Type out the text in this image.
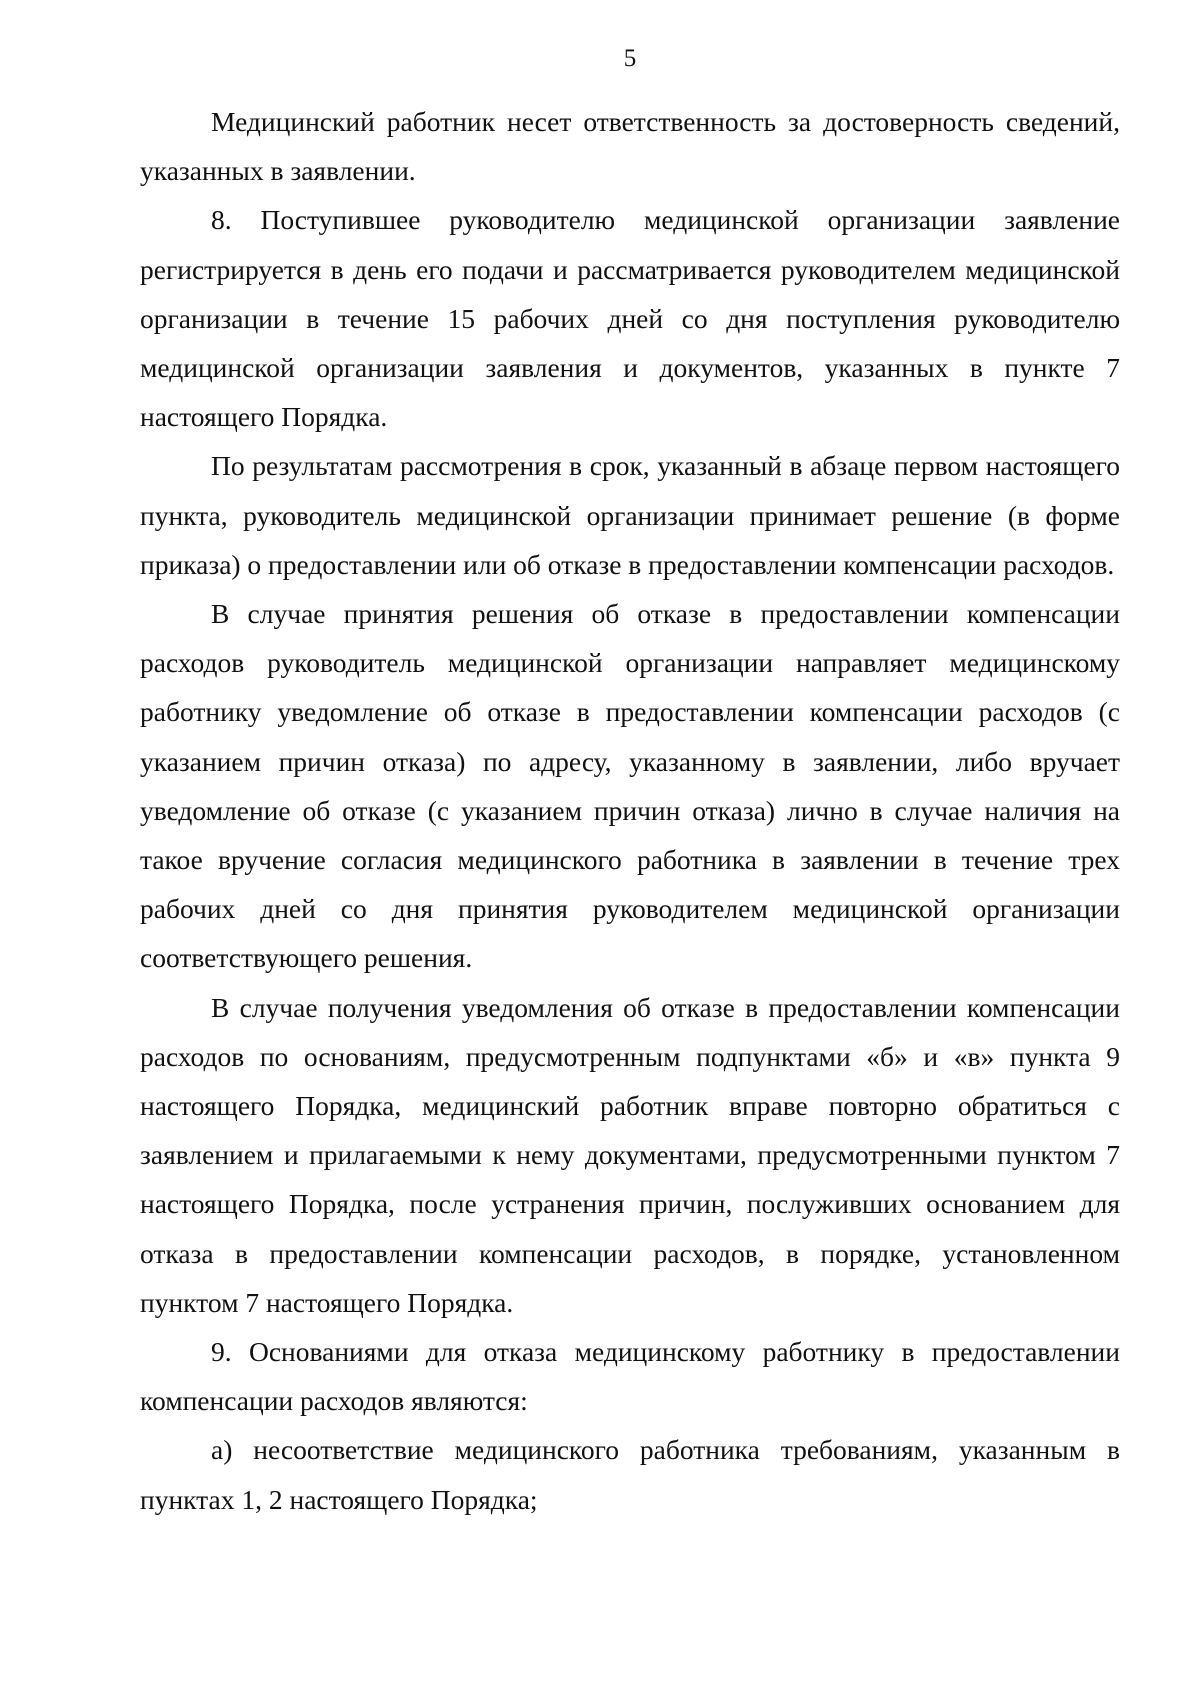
5

Медицинский работник несет ответственность за достоверность сведений, указанных в заявлении.

8. Поступившее руководителю медицинской организации заявление регистрируется в день его подачи и рассматривается руководителем медицинской организации в течение 15 рабочих дней со дня поступления руководителю медицинской организации заявления и документов, указанных в пункте 7 настоящего Порядка.

По результатам рассмотрения в срок, указанный в абзаце первом настоящего пункта, руководитель медицинской организации принимает решение (в форме приказа) о предоставлении или об отказе в предоставлении компенсации расходов.

В случае принятия решения об отказе в предоставлении компенсации расходов руководитель медицинской организации направляет медицинскому работнику уведомление об отказе в предоставлении компенсации расходов (с указанием причин отказа) по адресу, указанному в заявлении, либо вручает уведомление об отказе (с указанием причин отказа) лично в случае наличия на такое вручение согласия медицинского работника в заявлении в течение трех рабочих дней со дня принятия руководителем медицинской организации соответствующего решения.

В случае получения уведомления об отказе в предоставлении компенсации расходов по основаниям, предусмотренным подпунктами «б» и «в» пункта 9 настоящего Порядка, медицинский работник вправе повторно обратиться с заявлением и прилагаемыми к нему документами, предусмотренными пунктом 7 настоящего Порядка, после устранения причин, послуживших основанием для отказа в предоставлении компенсации расходов, в порядке, установленном пунктом 7 настоящего Порядка.

9. Основаниями для отказа медицинскому работнику в предоставлении компенсации расходов являются:

а) несоответствие медицинского работника требованиям, указанным в пунктах 1, 2 настоящего Порядка;
